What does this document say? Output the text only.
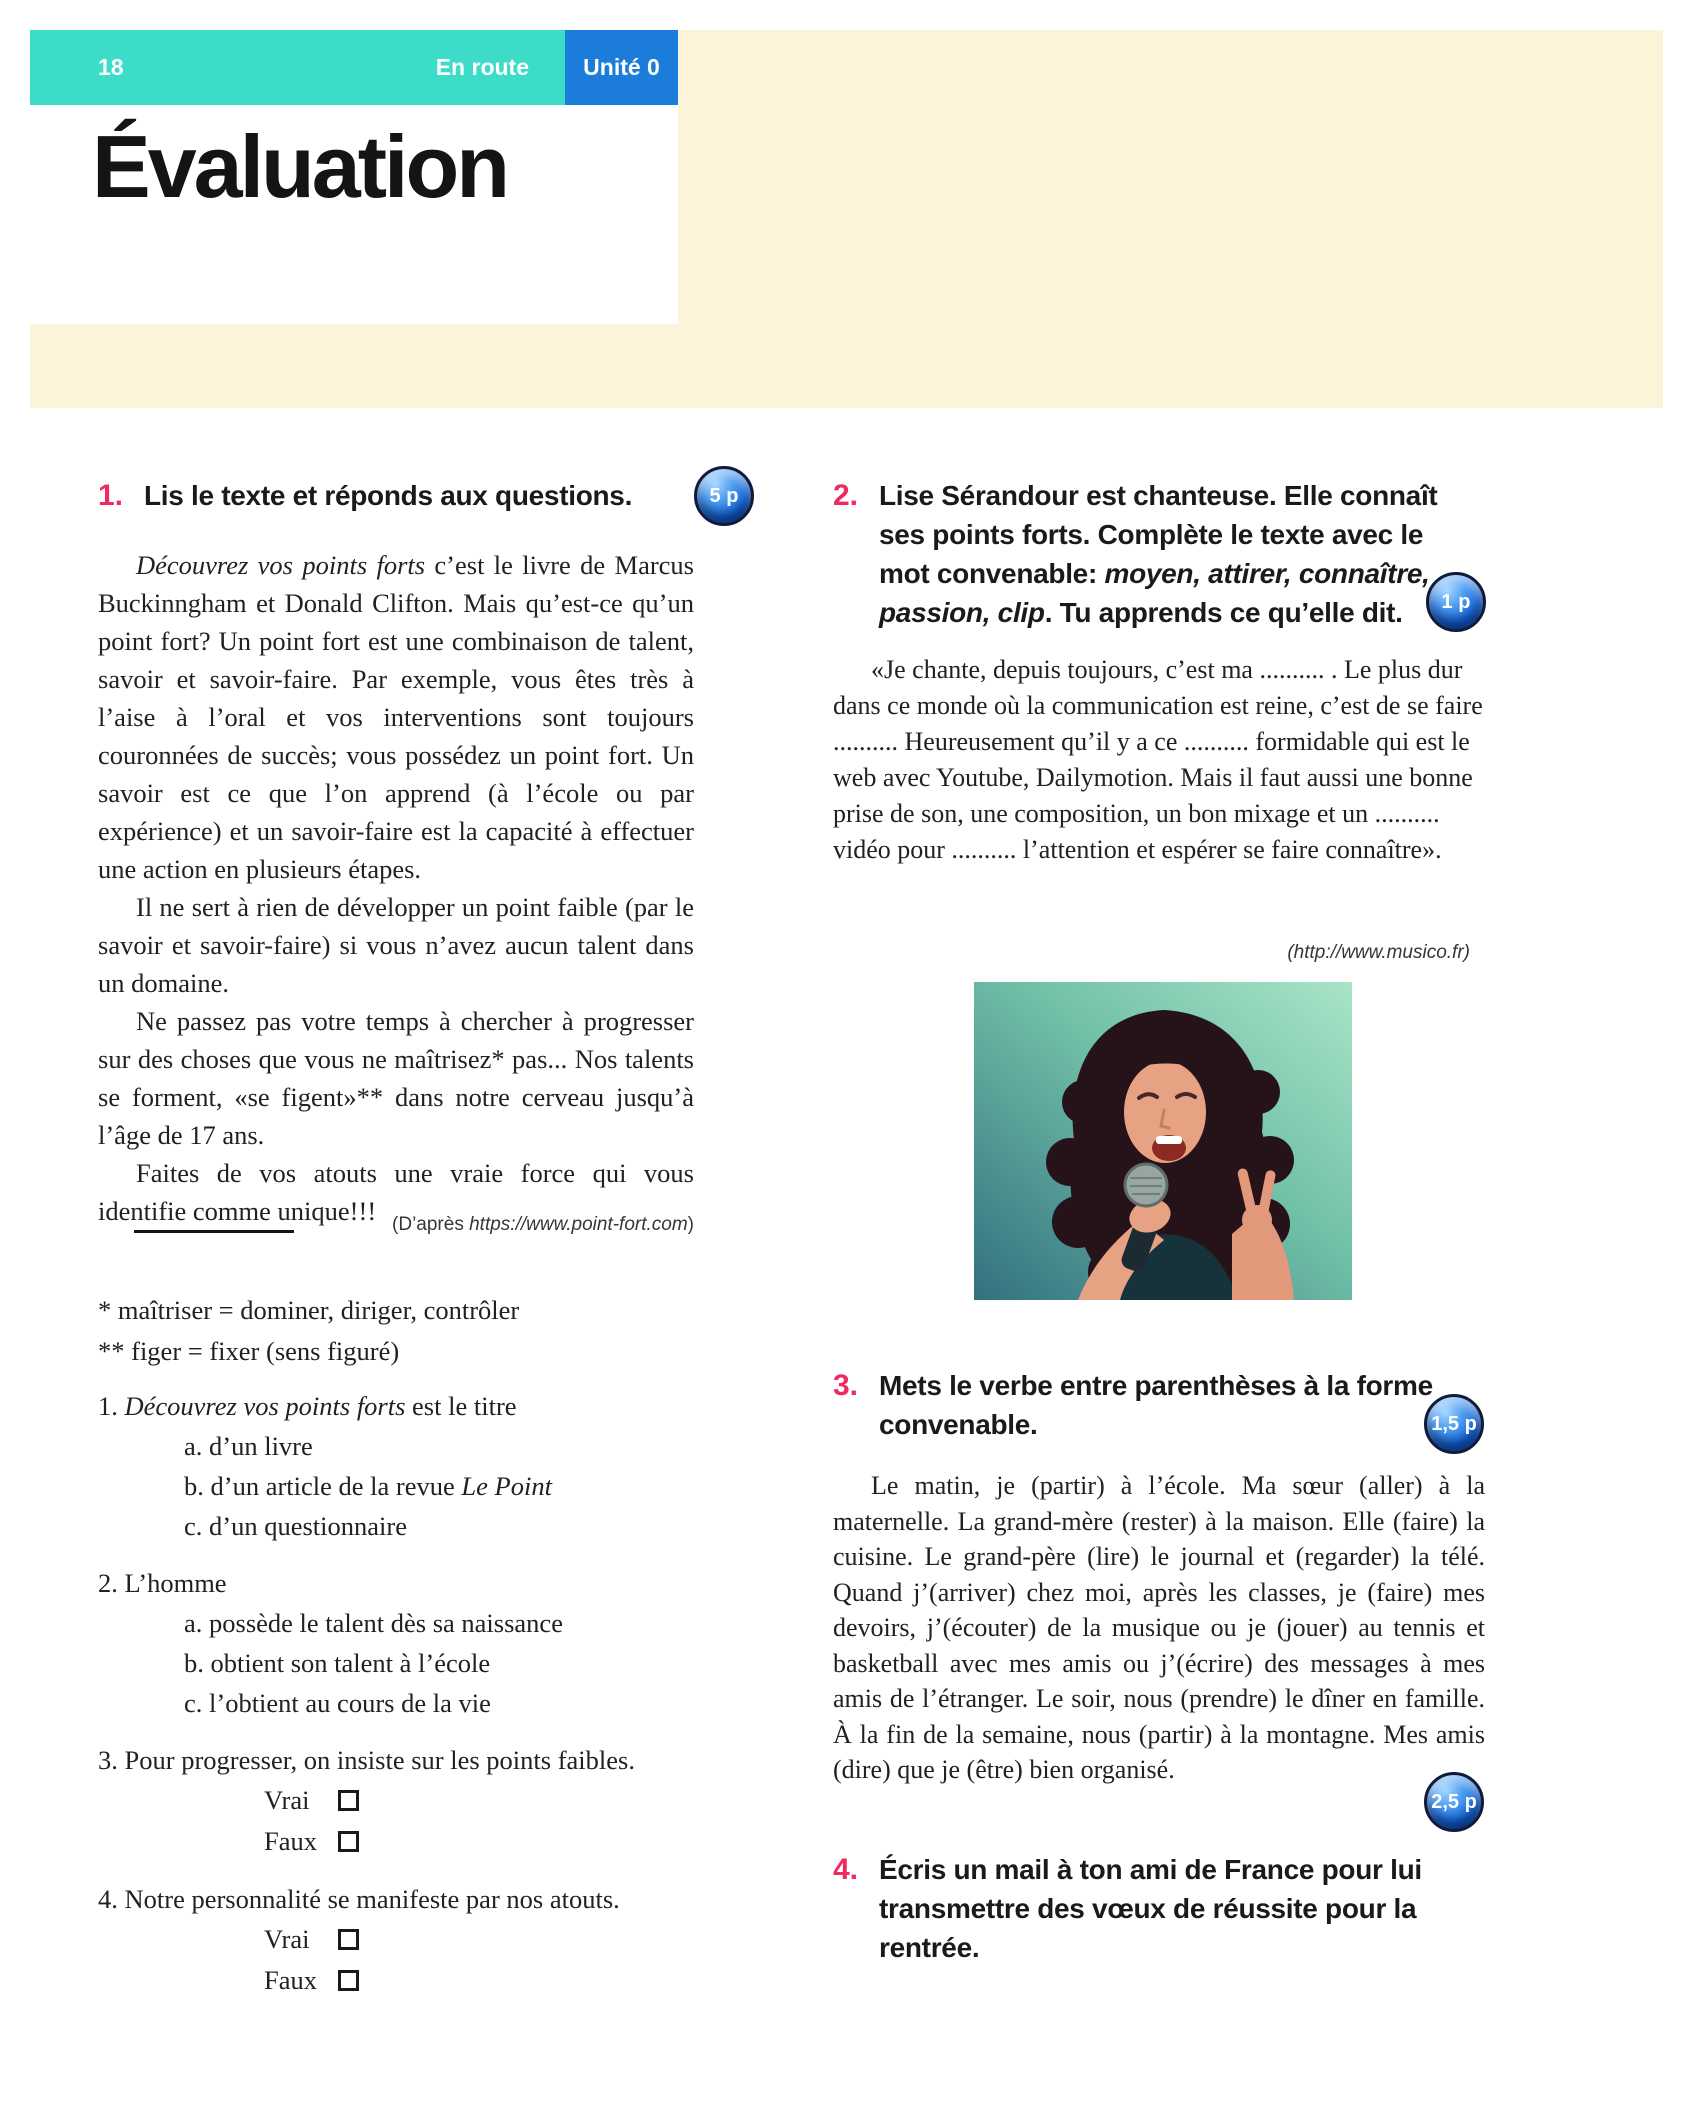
18	En route Unité 0
Évaluation
5 p
1 p
1,5 p
2,5 p
1. Lis le texte et réponds aux questions.

Découvrez vos points forts c’est le livre de Marcus Buckinngham et Donald Clifton. Mais qu’est-ce qu’un point fort? Un point fort est une combinaison de talent, savoir et savoir-faire. Par exemple, vous êtes très à l’aise à l’oral et vos interventions sont toujours couronnées de succès; vous possédez un point fort. Un savoir est ce que l’on apprend (à l’école ou par expérience) et un savoir-faire est la capacité à effectuer une action en plusieurs étapes.

Il ne sert à rien de développer un point faible (par le savoir et savoir-faire) si vous n’avez aucun talent dans un domaine.

Ne passez pas votre temps à chercher à progresser sur des choses que vous ne maîtrisez* pas... Nos talents se forment, «se figent»** dans notre cerveau jusqu’à l’âge de 17 ans.

Faites de vos atouts une vraie force qui vous identifie comme unique!!! (D’après https://www.point-fort.com)
* maîtriser = dominer, diriger, contrôler
** figer = fixer (sens figuré)
1. Découvrez vos points forts est le titre
a. d’un livre
b. d’un article de la revue Le Point
c. d’un questionnaire
2. L’homme
a. possède le talent dès sa naissance
b. obtient son talent à l’école
c. l’obtient au cours de la vie
3. Pour progresser, on insiste sur les points faibles.
Vrai
Faux
4. Notre personnalité se manifeste par nos atouts.
Vrai
Faux
2. Lise Sérandour est chanteuse. Elle connaît ses points forts. Complète le texte avec le mot convenable: moyen, attirer, connaître, passion, clip. Tu apprends ce qu’elle dit.

«Je chante, depuis toujours, c’est ma .......... . Le plus dur dans ce monde où la communication est reine, c’est de se faire .......... Heureusement qu’il y a ce .......... formidable qui est le web avec Youtube, Dailymotion. Mais il faut aussi une bonne prise de son, une composition, un bon mixage et un .......... vidéo pour .......... l’attention et espérer se faire connaître».

(http://www.musico.fr)
3. Mets le verbe entre parenthèses à la forme convenable.

Le matin, je (partir) à l’école. Ma sœur (aller) à la maternelle. La grand-mère (rester) à la maison. Elle (faire) la cuisine. Le grand-père (lire) le journal et (regarder) la télé. Quand j’(arriver) chez moi, après les classes, je (faire) mes devoirs, j’(écouter) de la musique ou je (jouer) au tennis et basketball avec mes amis ou j’(écrire) des messages à mes amis de l’étranger. Le soir, nous (prendre) le dîner en famille. À la fin de la semaine, nous (partir) à la montagne. Mes amis (dire) que je (être) bien organisé.

4. Écris un mail à ton ami de France pour lui transmettre des vœux de réussite pour la rentrée.
